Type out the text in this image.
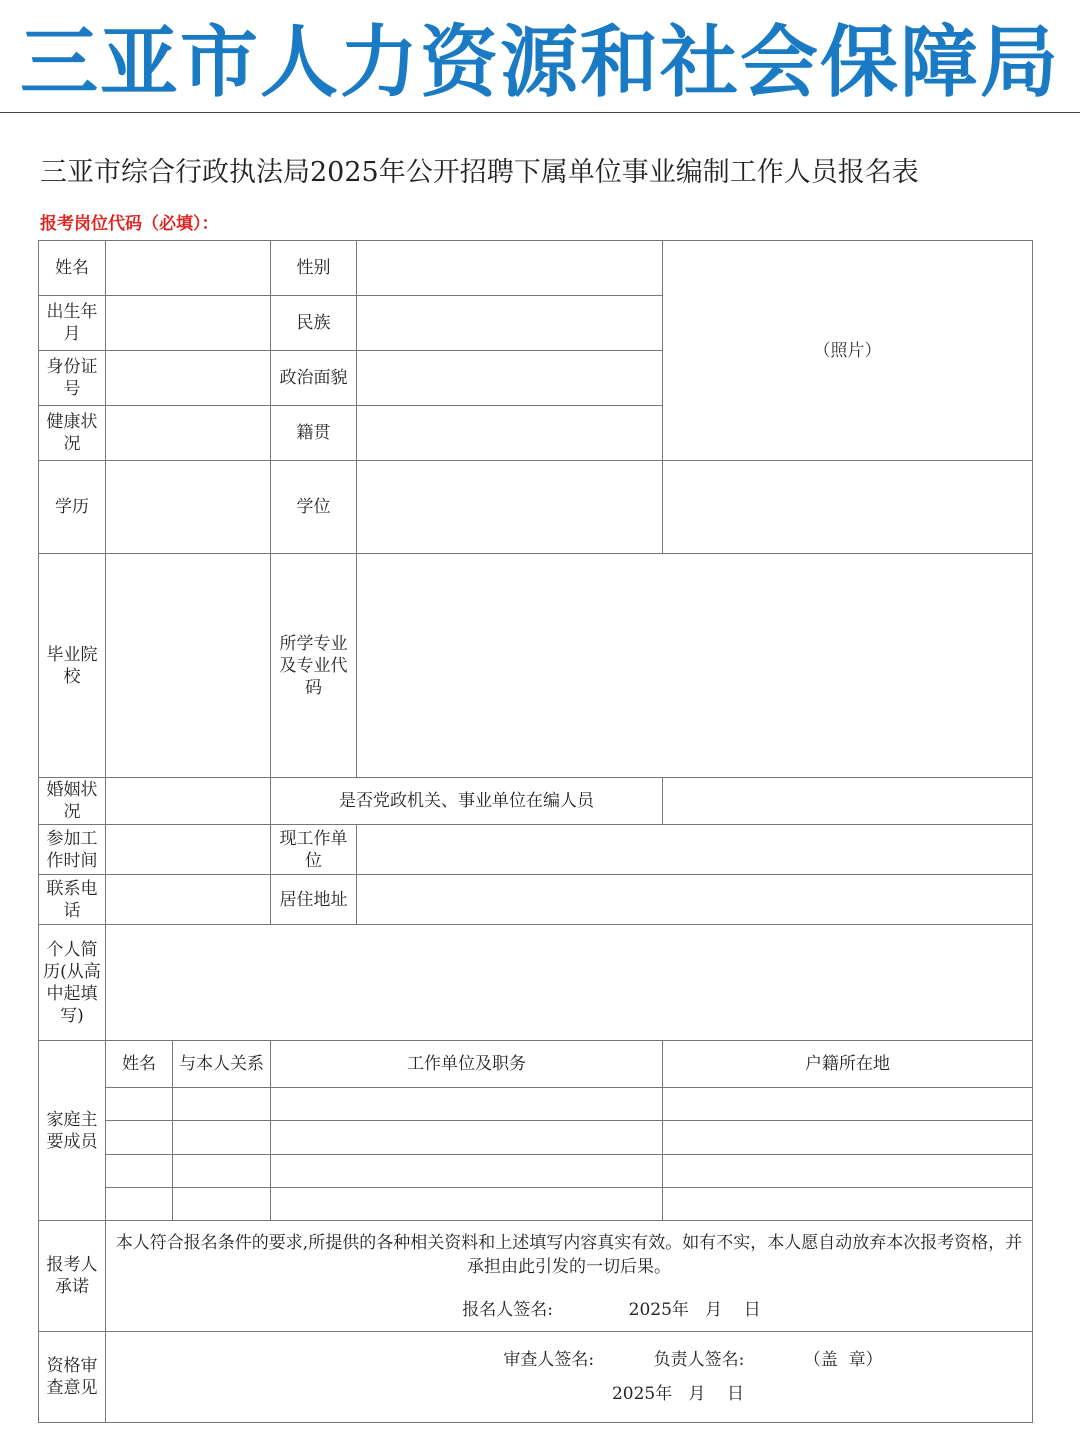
三亚市人力资源和社会保障局
三亚市综合行政执法局2025年公开招聘下属单位事业编制工作人员报名表
报考岗位代码（必填）：
姓名			性别		（照片）
出生年月			民族		
身份证号			政治面貌		
健康状况			籍贯		
学历			学位		
毕业院校			所学专业及专业代码		
婚姻状况			是否党政机关、事业单位在编人员		
参加工作时间			现工作单位		
联系电话			居住地址		
个人简历(从高中起填写)					
家庭主要成员	姓名	与本人关系	工作单位及职务		户籍所在地

报考人承诺	本人符合报名条件的要求,所提供的各种相关资料和上述填写内容真实有效。如有不实，本人愿自动放弃本次报考资格，并承担由此引发的一切后果。
报名人签名:              2025年   月    日				

资格审查意见	审查人签名:           负责人签名:           （盖  章）
2025年   月    日				
